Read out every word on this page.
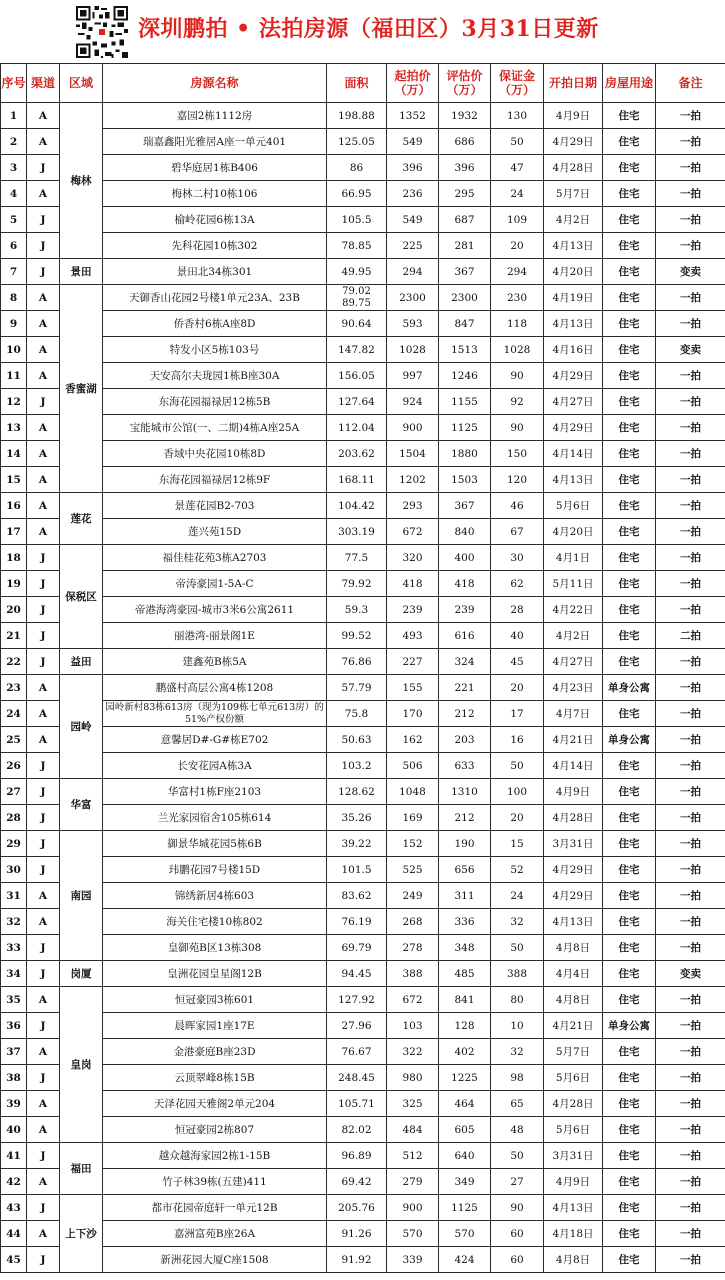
深圳鹏拍 • 法拍房源（福田区）3月31日更新
序号	渠道	区域	房源名称	面积	起拍价（万）	评估价（万）	保证金（万）	开拍日期	房屋用途	备注
1	A	梅林	嘉园2栋1112房	198.88	1352	1932	130	4月9日	住宅	一拍
2	A		瑞嘉鑫阳光雅居A座一单元401	125.05	549	686	50	4月29日	住宅	一拍
3	J		碧华庭居1栋B406	86	396	396	47	4月28日	住宅	一拍
4	A		梅林二村10栋106	66.95	236	295	24	5月7日	住宅	一拍
5	J		榆岭花园6栋13A	105.5	549	687	109	4月2日	住宅	一拍
6	J		先科花园10栋302	78.85	225	281	20	4月13日	住宅	一拍
7	J	景田	景田北34栋301	49.95	294	367	294	4月20日	住宅	变卖
8	A	香蜜湖	天御香山花园2号楼1单元23A、23B	79.02 89.75	2300	2300	230	4月19日	住宅	一拍
9	A		侨香村6栋A座8D	90.64	593	847	118	4月13日	住宅	一拍
10	A		特发小区5栋103号	147.82	1028	1513	1028	4月16日	住宅	变卖
11	A		天安高尔夫珑园1栋B座30A	156.05	997	1246	90	4月29日	住宅	一拍
12	J		东海花园福禄居12栋5B	127.64	924	1155	92	4月27日	住宅	一拍
13	A		宝能城市公馆(一、二期)4栋A座25A	112.04	900	1125	90	4月29日	住宅	一拍
14	A		香域中央花园10栋8D	203.62	1504	1880	150	4月14日	住宅	一拍
15	A		东海花园福禄居12栋9F	168.11	1202	1503	120	4月13日	住宅	一拍
16	A	莲花	景莲花园B2-703	104.42	293	367	46	5月6日	住宅	一拍
17	A		莲兴苑15D	303.19	672	840	67	4月20日	住宅	一拍
18	J	保税区	福佳桂花苑3栋A2703	77.5	320	400	30	4月1日	住宅	一拍
19	J		帝涛豪园1-5A-C	79.92	418	418	62	5月11日	住宅	一拍
20	J		帝港海湾豪园-城市3米6公寓2611	59.3	239	239	28	4月22日	住宅	一拍
21	J		丽港湾-丽景阁1E	99.52	493	616	40	4月2日	住宅	二拍
22	J	益田	建鑫苑B栋5A	76.86	227	324	45	4月27日	住宅	一拍
23	A	园岭	鹏盛村高层公寓4栋1208	57.79	155	221	20	4月23日	单身公寓	一拍
24	A		园岭新村83栋613房（现为109栋七单元613房）的51%产权份额	75.8	170	212	17	4月7日	住宅	一拍
25	A		意馨居D#-G#栋E702	50.63	162	203	16	4月21日	单身公寓	一拍
26	J		长安花园A栋3A	103.2	506	633	50	4月14日	住宅	一拍
27	J	华富	华富村1栋F座2103	128.62	1048	1310	100	4月9日	住宅	一拍
28	J		兰光家园宿舍105栋614	35.26	169	212	20	4月28日	住宅	一拍
29	J	南园	御景华城花园5栋6B	39.22	152	190	15	3月31日	住宅	一拍
30	J		玮鹏花园7号楼15D	101.5	525	656	52	4月29日	住宅	一拍
31	A		锦绣新居4栋603	83.62	249	311	24	4月29日	住宅	一拍
32	A		海关住宅楼10栋802	76.19	268	336	32	4月13日	住宅	一拍
33	J		皇御苑B区13栋308	69.79	278	348	50	4月8日	住宅	一拍
34	J	岗厦	皇洲花园皇星阁12B	94.45	388	485	388	4月4日	住宅	变卖
35	A	皇岗	恒冠豪园3栋601	127.92	672	841	80	4月8日	住宅	一拍
36	J		晨晖家园1座17E	27.96	103	128	10	4月21日	单身公寓	一拍
37	A		金港豪庭B座23D	76.67	322	402	32	5月7日	住宅	一拍
38	J		云顶翠峰8栋15B	248.45	980	1225	98	5月6日	住宅	一拍
39	A		天泽花园天雅阁2单元204	105.71	325	464	65	4月28日	住宅	一拍
40	A		恒冠豪园2栋807	82.02	484	605	48	5月6日	住宅	一拍
41	J	福田	越众越海家园2栋1-15B	96.89	512	640	50	3月31日	住宅	一拍
42	A		竹子林39栋(五建)411	69.42	279	349	27	4月9日	住宅	一拍
43	J	上下沙	都市花园帝庭轩一单元12B	205.76	900	1125	90	4月13日	住宅	一拍
44	A		嘉洲富苑B座26A	91.26	570	570	60	4月18日	住宅	一拍
45	J		新洲花园大厦C座1508	91.92	339	424	60	4月8日	住宅	一拍
